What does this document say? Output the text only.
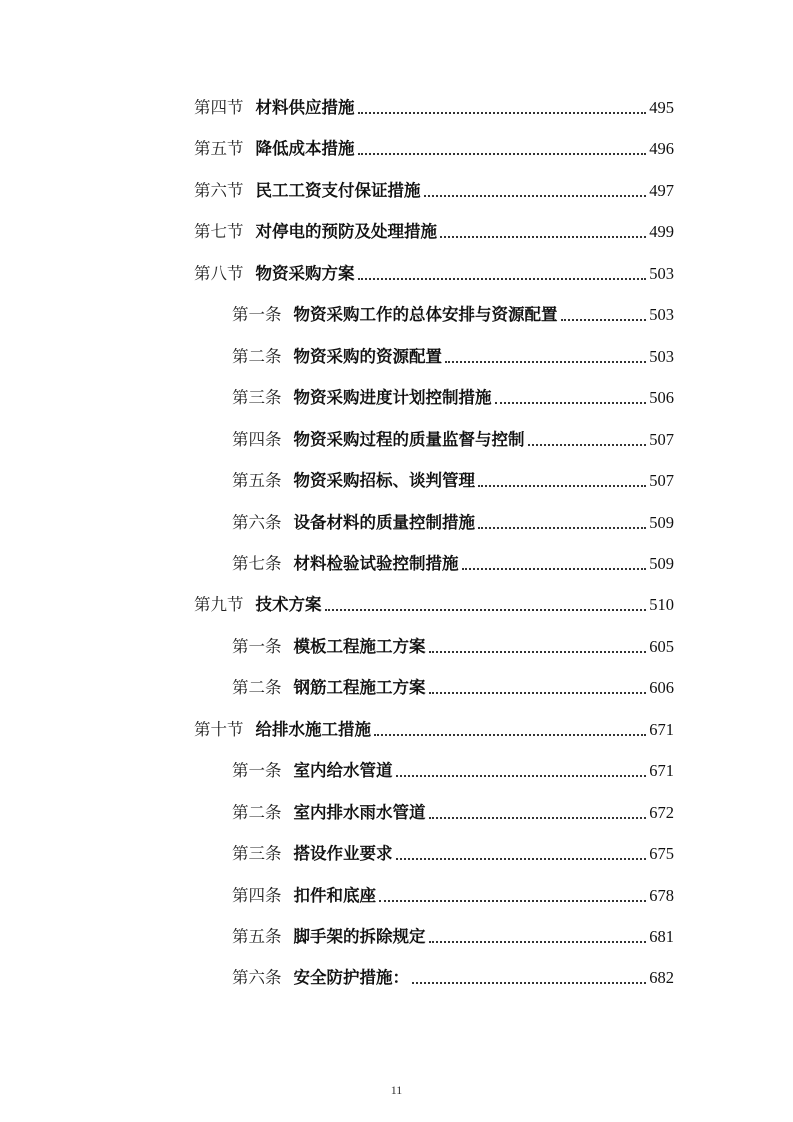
第四节 材料供应措施	495
第五节 降低成本措施	496
第六节 民工工资支付保证措施	497
第七节 对停电的预防及处理措施	499
第八节 物资采购方案	503
第一条 物资采购工作的总体安排与资源配置	503
第二条 物资采购的资源配置	503
第三条 物资采购进度计划控制措施	506
第四条 物资采购过程的质量监督与控制	507
第五条 物资采购招标、谈判管理	507
第六条 设备材料的质量控制措施	509
第七条 材料检验试验控制措施	509
第九节 技术方案	510
第一条 模板工程施工方案	605
第二条 钢筋工程施工方案	606
第十节 给排水施工措施	671
第一条 室内给水管道	671
第二条 室内排水雨水管道	672
第三条 搭设作业要求	675
第四条 扣件和底座	678
第五条 脚手架的拆除规定	681
第六条 安全防护措施：	682
11
